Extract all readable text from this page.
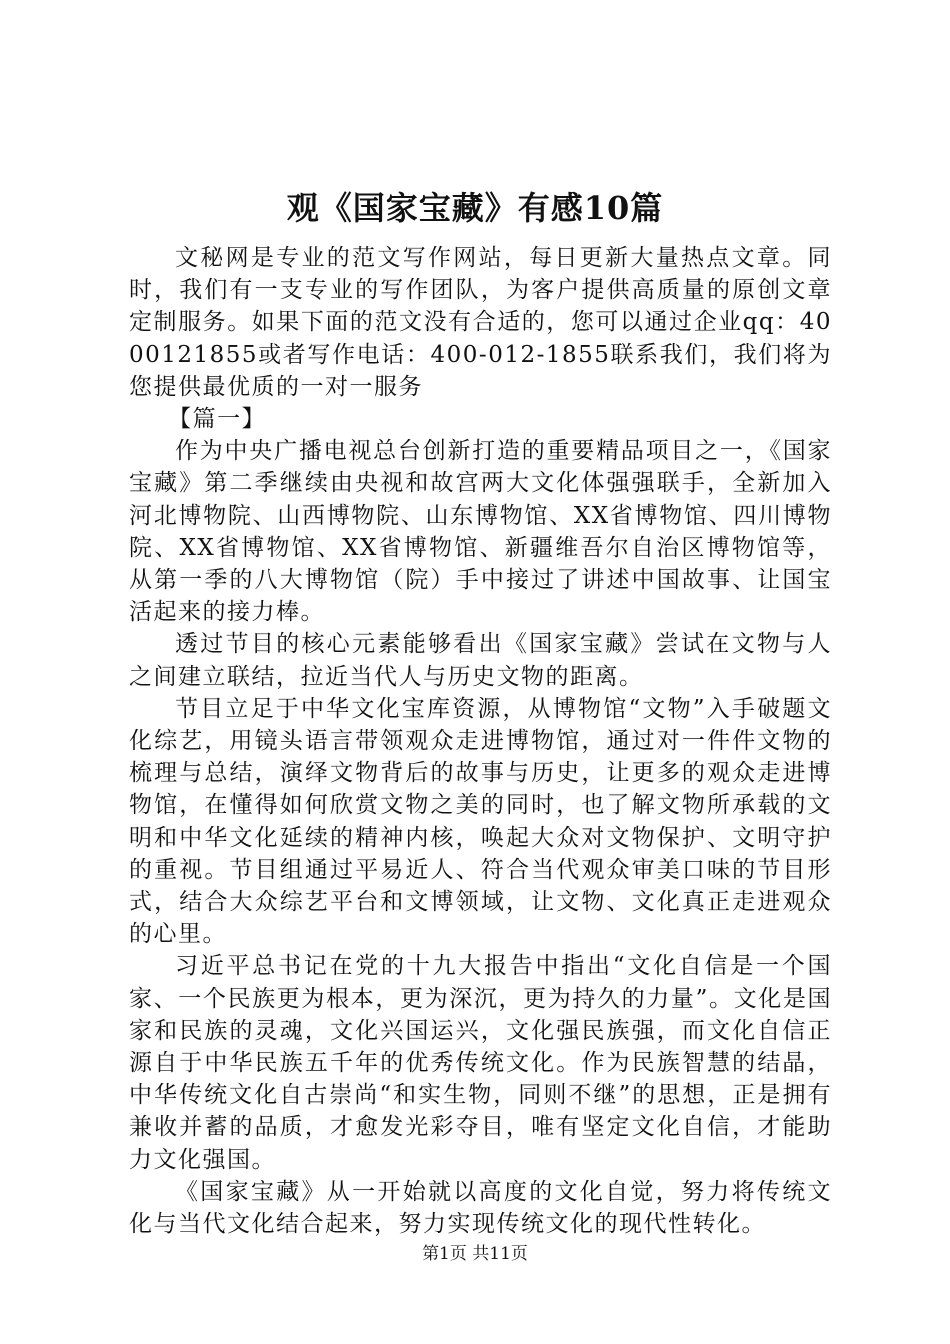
观《国家宝藏》有感10篇

文秘网是专业的范文写作网站，每日更新大量热点文章。同时，我们有一支专业的写作团队，为客户提供高质量的原创文章定制服务。如果下面的范文没有合适的，您可以通过企业qq：4000121855或者写作电话：400-012-1855联系我们，我们将为您提供最优质的一对一服务

【篇一】

作为中央广播电视总台创新打造的重要精品项目之一，《国家宝藏》第二季继续由央视和故宫两大文化体强强联手，全新加入河北博物院、山西博物院、山东博物馆、XX省博物馆、四川博物院、XX省博物馆、XX省博物馆、新疆维吾尔自治区博物馆等，从第一季的八大博物馆（院）手中接过了讲述中国故事、让国宝活起来的接力棒。

透过节目的核心元素能够看出《国家宝藏》尝试在文物与人之间建立联结，拉近当代人与历史文物的距离。

节目立足于中华文化宝库资源，从博物馆“文物”入手破题文化综艺，用镜头语言带领观众走进博物馆，通过对一件件文物的梳理与总结，演绎文物背后的故事与历史，让更多的观众走进博物馆，在懂得如何欣赏文物之美的同时，也了解文物所承载的文明和中华文化延续的精神内核，唤起大众对文物保护、文明守护的重视。节目组通过平易近人、符合当代观众审美口味的节目形式，结合大众综艺平台和文博领域，让文物、文化真正走进观众的心里。

习近平总书记在党的十九大报告中指出“文化自信是一个国家、一个民族更为根本，更为深沉，更为持久的力量”。文化是国家和民族的灵魂，文化兴国运兴，文化强民族强，而文化自信正源自于中华民族五千年的优秀传统文化。作为民族智慧的结晶，中华传统文化自古崇尚“和实生物，同则不继”的思想，正是拥有兼收并蓄的品质，才愈发光彩夺目，唯有坚定文化自信，才能助力文化强国。

《国家宝藏》从一开始就以高度的文化自觉，努力将传统文化与当代文化结合起来，努力实现传统文化的现代性转化。

第1页 共11页
